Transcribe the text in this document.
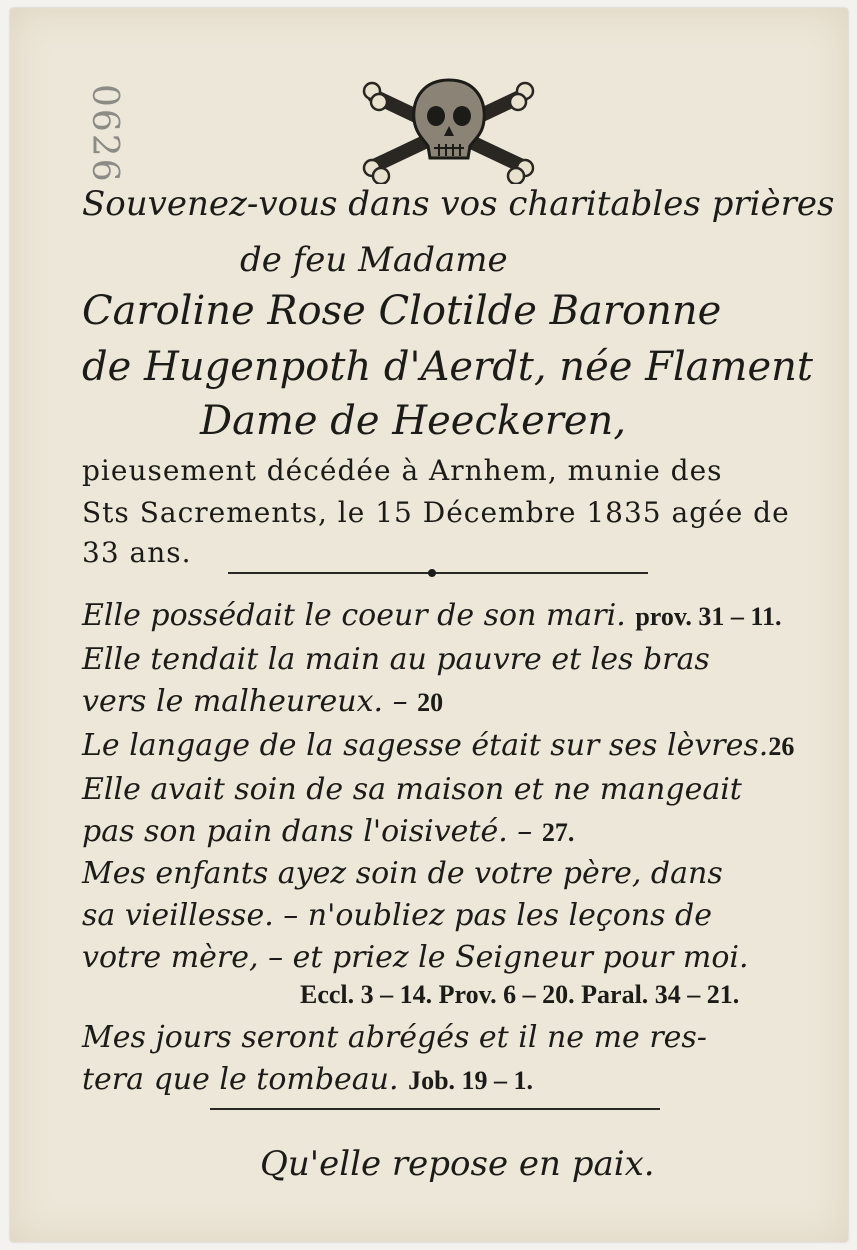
0626
Souvenez-vous dans vos charitables prières
de feu Madame
Caroline Rose Clotilde Baronne
de Hugenpoth d'Aerdt, née Flament
Dame de Heeckeren,
pieusement décédée à Arnhem, munie des
Sts Sacrements, le 15 Décembre 1835 agée de
33 ans.
Elle possédait le coeur de son mari. prov. 31 – 11.
Elle tendait la main au pauvre et les bras
vers le malheureux. – 20
Le langage de la sagesse était sur ses lèvres.26
Elle avait soin de sa maison et ne mangeait
pas son pain dans l'oisiveté. – 27.
Mes enfants ayez soin de votre père, dans
sa vieillesse. – n'oubliez pas les leçons de
votre mère, – et priez le Seigneur pour moi.
Eccl. 3 – 14. Prov. 6 – 20. Paral. 34 – 21.
Mes jours seront abrégés et il ne me res-
tera que le tombeau. Job. 19 – 1.
Qu'elle repose en paix.
